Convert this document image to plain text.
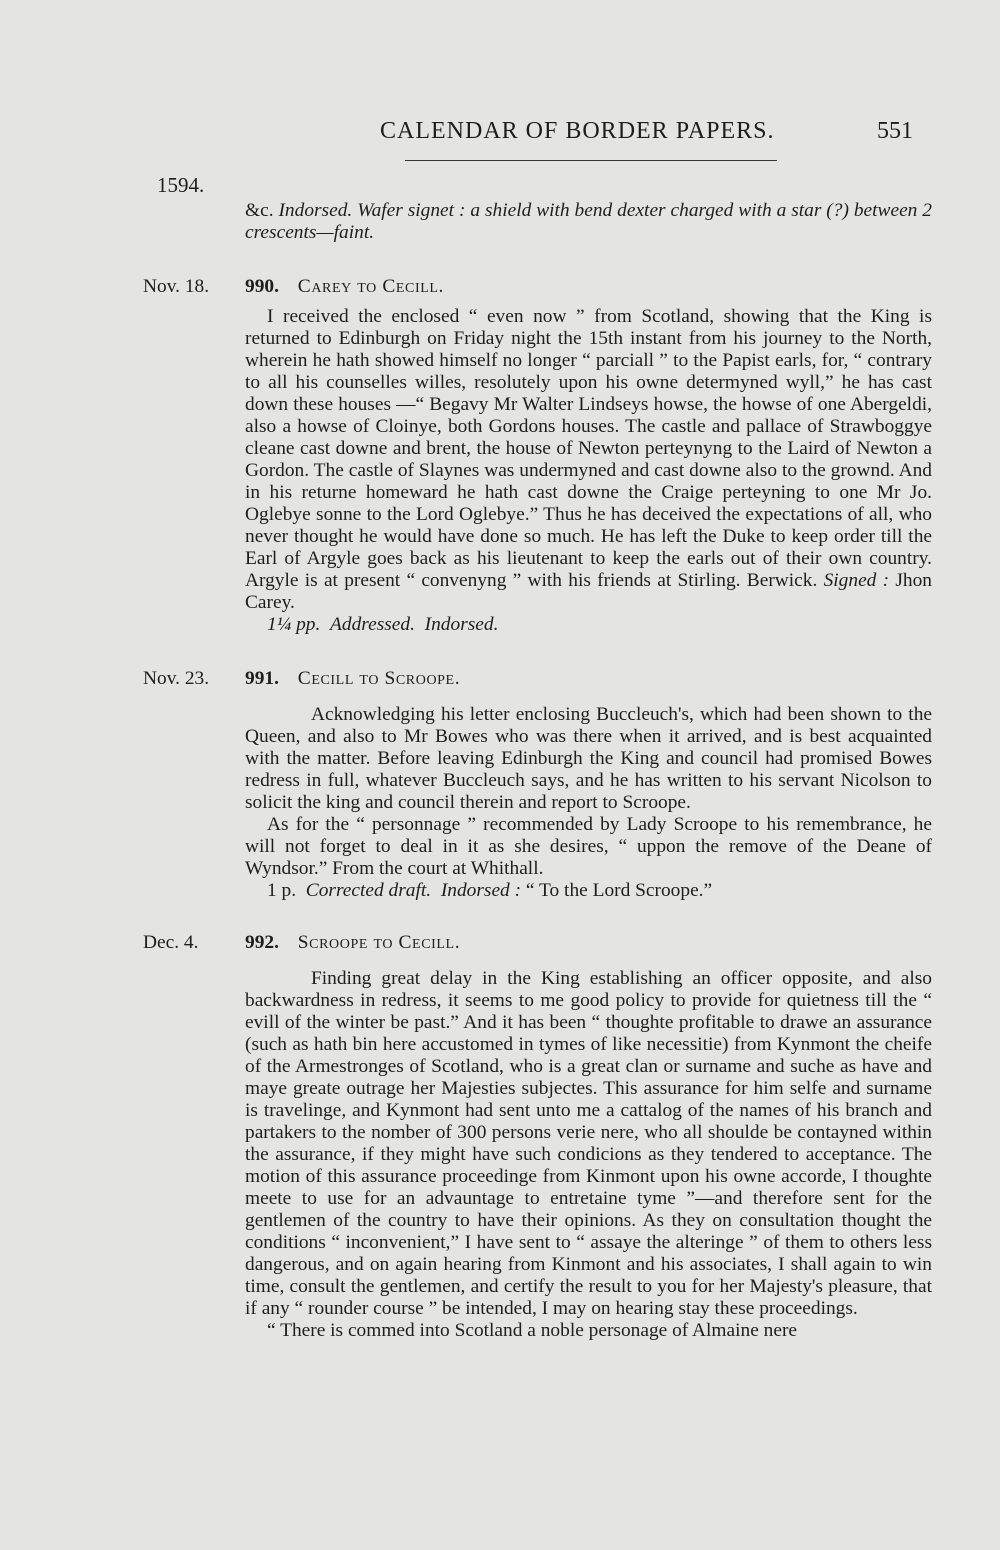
CALENDAR OF BORDER PAPERS.	551
1594.

&c. Indorsed. Wafer signet : a shield with bend dexter charged with a star (?) between 2 crescents—faint.

Nov. 18. 990. Carey to Cecill.

I received the enclosed “ even now ” from Scotland, showing that the King is returned to Edinburgh on Friday night the 15th instant from his journey to the North, wherein he hath showed himself no longer “ parciall ” to the Papist earls, for, “ contrary to all his counselles willes, resolutely upon his owne determyned wyll,” he has cast down these houses —“ Begavy Mr Walter Lindseys howse, the howse of one Abergeldi, also a howse of Cloinye, both Gordons houses. The castle and pallace of Strawboggye cleane cast downe and brent, the house of Newton perteynyng to the Laird of Newton a Gordon. The castle of Slaynes was undermyned and cast downe also to the grownd. And in his returne homeward he hath cast downe the Craige perteyning to one Mr Jo. Oglebye sonne to the Lord Oglebye.” Thus he has deceived the expectations of all, who never thought he would have done so much. He has left the Duke to keep order till the Earl of Argyle goes back as his lieutenant to keep the earls out of their own country. Argyle is at present “ convenyng ” with his friends at Stirling. Berwick. Signed : Jhon Carey.

1¼ pp. Addressed. Indorsed.

Nov. 23. 991. Cecill to Scroope.

Acknowledging his letter enclosing Buccleuch's, which had been shown to the Queen, and also to Mr Bowes who was there when it arrived, and is best acquainted with the matter. Before leaving Edinburgh the King and council had promised Bowes redress in full, whatever Buccleuch says, and he has written to his servant Nicolson to solicit the king and council therein and report to Scroope.

As for the “ personnage ” recommended by Lady Scroope to his remembrance, he will not forget to deal in it as she desires, “ uppon the remove of the Deane of Wyndsor.” From the court at Whithall.

1 p. Corrected draft. Indorsed : “ To the Lord Scroope.”

Dec. 4. 992. Scroope to Cecill.

Finding great delay in the King establishing an officer opposite, and also backwardness in redress, it seems to me good policy to provide for quietness till the “ evill of the winter be past.” And it has been “ thoughte profitable to drawe an assurance (such as hath bin here accustomed in tymes of like necessitie) from Kynmont the cheife of the Armestronges of Scotland, who is a great clan or surname and suche as have and maye greate outrage her Majesties subjectes. This assurance for him selfe and surname is travelinge, and Kynmont had sent unto me a cattalog of the names of his branch and partakers to the nomber of 300 persons verie nere, who all shoulde be contayned within the assurance, if they might have such condicions as they tendered to acceptance. The motion of this assurance proceedinge from Kinmont upon his owne accorde, I thoughte meete to use for an advauntage to entretaine tyme ”—and therefore sent for the gentlemen of the country to have their opinions. As they on consultation thought the conditions “ inconvenient,” I have sent to “ assaye the alteringe ” of them to others less dangerous, and on again hearing from Kinmont and his associates, I shall again to win time, consult the gentlemen, and certify the result to you for her Majesty's pleasure, that if any “ rounder course ” be intended, I may on hearing stay these proceedings.

“ There is commed into Scotland a noble personage of Almaine nere
